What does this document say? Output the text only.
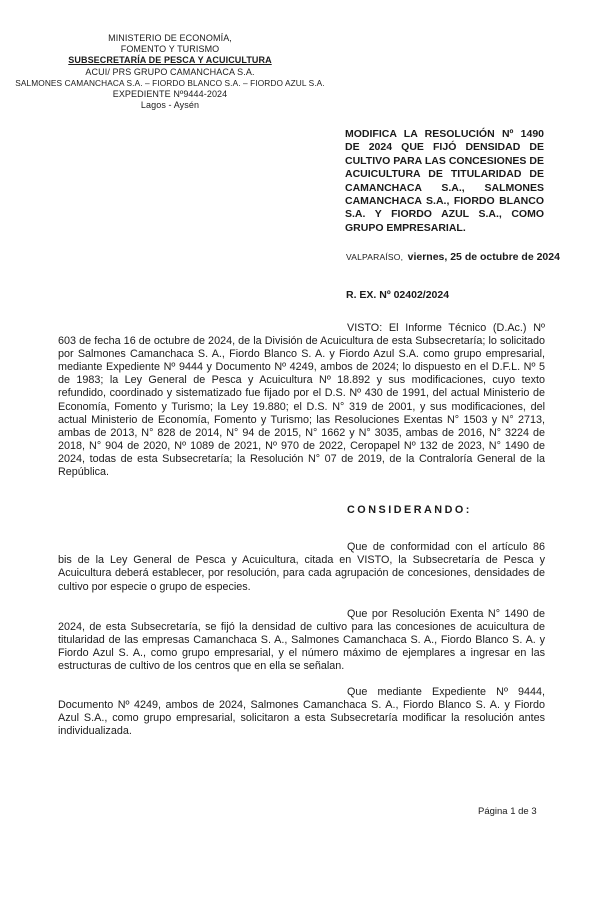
MINISTERIO DE ECONOMÍA,
FOMENTO Y TURISMO
SUBSECRETARÍA DE PESCA Y ACUICULTURA
ACUI/ PRS GRUPO CAMANCHACA S.A.
SALMONES CAMANCHACA S.A. – FIORDO BLANCO S.A. – FIORDO AZUL S.A.
EXPEDIENTE Nº9444-2024
Lagos - Aysén
MODIFICA LA RESOLUCIÓN Nº 1490 DE 2024 QUE FIJÓ DENSIDAD DE CULTIVO PARA LAS CONCESIONES DE ACUICULTURA DE TITULARIDAD DE CAMANCHACA S.A., SALMONES CAMANCHACA S.A., FIORDO BLANCO S.A. Y FIORDO AZUL S.A., COMO GRUPO EMPRESARIAL.
VALPARAÍSO, viernes, 25 de octubre de 2024
R. EX. Nº 02402/2024

VISTO: El Informe Técnico (D.Ac.) Nº 603 de fecha 16 de octubre de 2024, de la División de Acuicultura de esta Subsecretaría; lo solicitado por Salmones Camanchaca S. A., Fiordo Blanco S. A. y Fiordo Azul S.A. como grupo empresarial, mediante Expediente Nº 9444 y Documento Nº 4249, ambos de 2024; lo dispuesto en el D.F.L. Nº 5 de 1983; la Ley General de Pesca y Acuicultura Nº 18.892 y sus modificaciones, cuyo texto refundido, coordinado y sistematizado fue fijado por el D.S. Nº 430 de 1991, del actual Ministerio de Economía, Fomento y Turismo; la Ley 19.880; el D.S. N° 319 de 2001, y sus modificaciones, del actual Ministerio de Economía, Fomento y Turismo; las Resoluciones Exentas N° 1503 y N° 2713, ambas de 2013, N° 828 de 2014, N° 94 de 2015, N° 1662 y N° 3035, ambas de 2016, N° 3224 de 2018, N° 904 de 2020, Nº 1089 de 2021, Nº 970 de 2022, Ceropapel Nº 132 de 2023, N° 1490 de 2024, todas de esta Subsecretaría; la Resolución N° 07 de 2019, de la Contraloría General de la República.

CONSIDERANDO:

Que de conformidad con el artículo 86 bis de la Ley General de Pesca y Acuicultura, citada en VISTO, la Subsecretaría de Pesca y Acuicultura deberá establecer, por resolución, para cada agrupación de concesiones, densidades de cultivo por especie o grupo de especies.

Que por Resolución Exenta N° 1490 de 2024, de esta Subsecretaría, se fijó la densidad de cultivo para las concesiones de acuicultura de titularidad de las empresas Camanchaca S. A., Salmones Camanchaca S. A., Fiordo Blanco S. A. y Fiordo Azul S. A., como grupo empresarial, y el número máximo de ejemplares a ingresar en las estructuras de cultivo de los centros que en ella se señalan.

Que mediante Expediente Nº 9444, Documento Nº 4249, ambos de 2024, Salmones Camanchaca S. A., Fiordo Blanco S. A. y Fiordo Azul S.A., como grupo empresarial, solicitaron a esta Subsecretaría modificar la resolución antes individualizada.

Página 1 de 3
